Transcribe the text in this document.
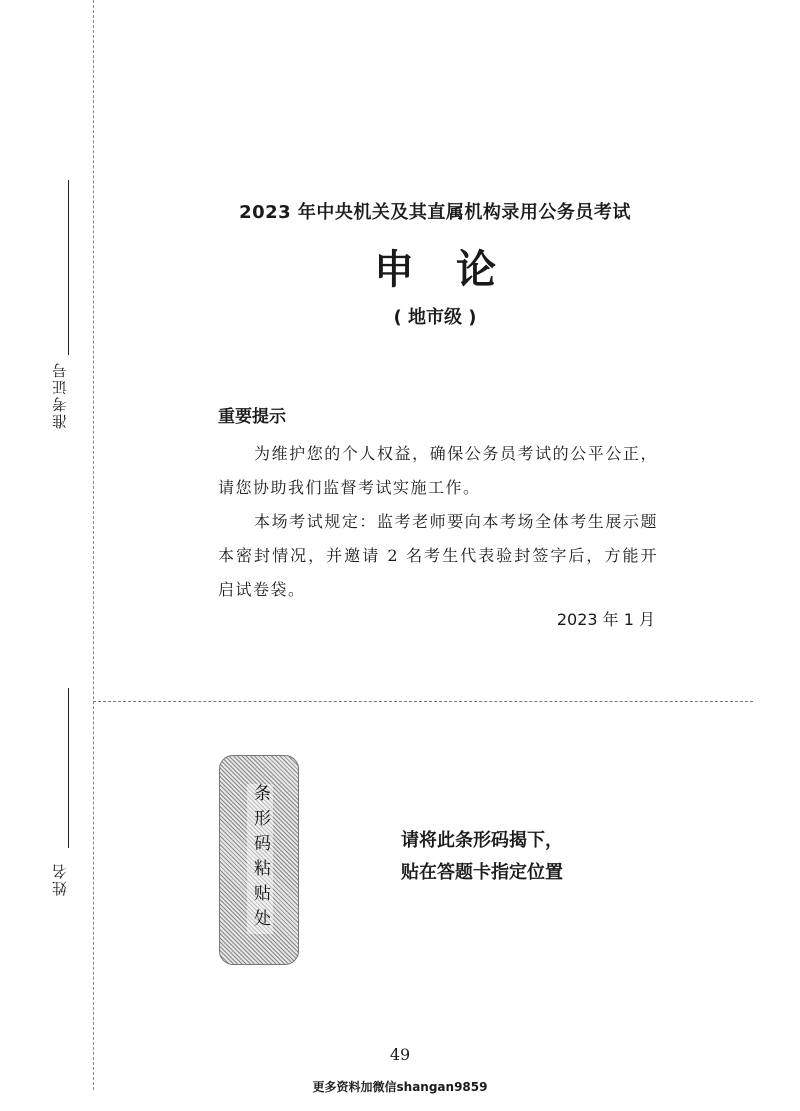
准考证号
姓名
2023 年中央机关及其直属机构录用公务员考试
申论
( 地市级 )
重要提示
为维护您的个人权益，确保公务员考试的公平公正，请您协助我们监督考试实施工作。
本场考试规定：监考老师要向本考场全体考生展示题本密封情况，并邀请 2 名考生代表验封签字后，方能开启试卷袋。
2023 年 1 月
条形码粘贴处	请将此条形码揭下，
贴在答题卡指定位置
49
更多资料加微信shangan9859
